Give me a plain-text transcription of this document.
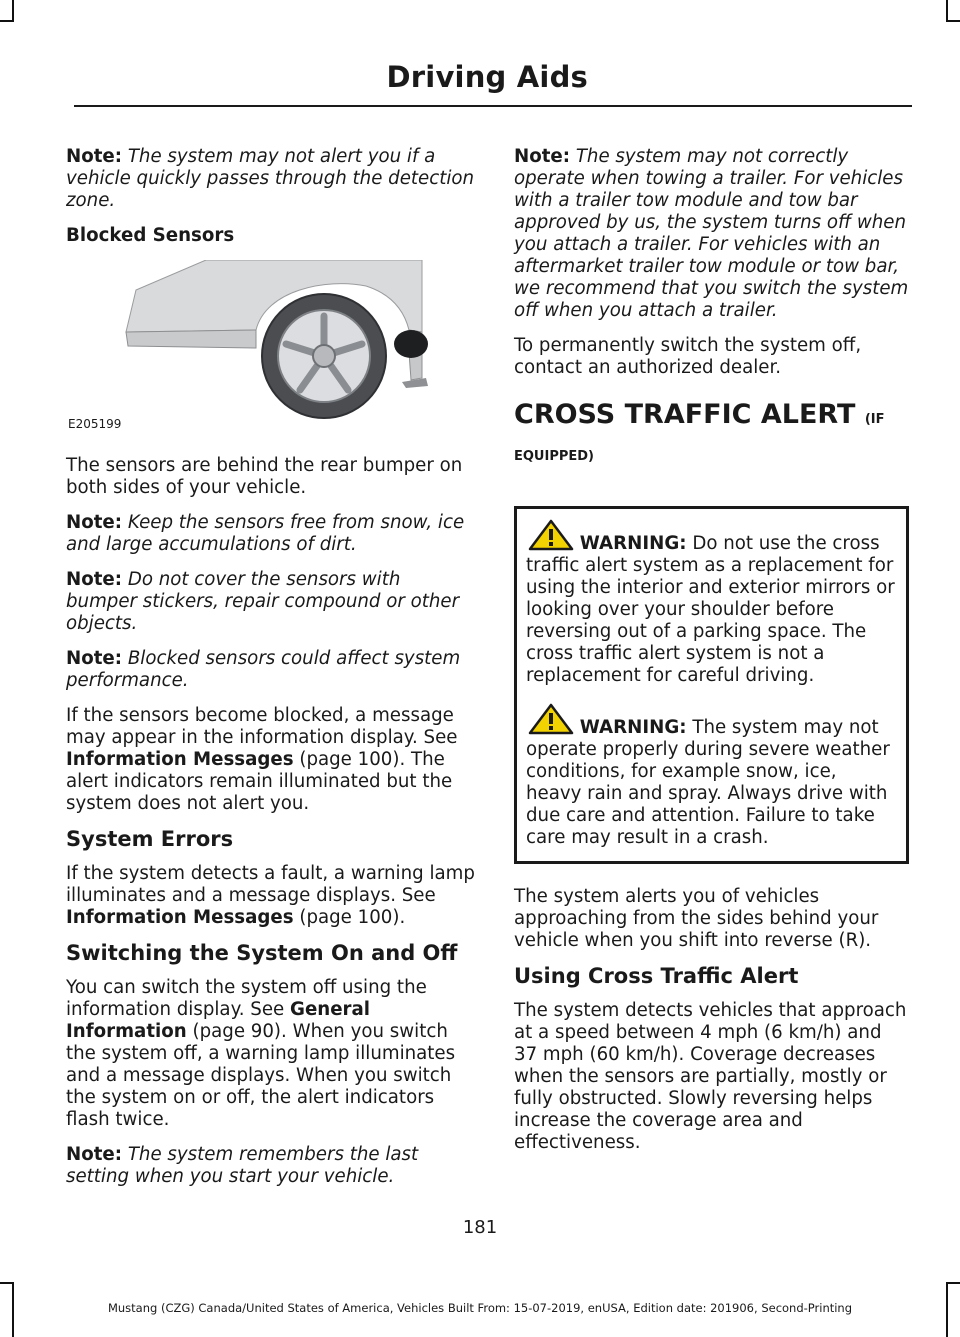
Driving Aids

Note: The system may not alert you if a vehicle quickly passes through the detection zone.

Blocked Sensors

E205199

The sensors are behind the rear bumper on both sides of your vehicle.

Note: Keep the sensors free from snow, ice and large accumulations of dirt.

Note: Do not cover the sensors with bumper stickers, repair compound or other objects.

Note: Blocked sensors could affect system performance.

If the sensors become blocked, a message may appear in the information display. See Information Messages (page 100). The alert indicators remain illuminated but the system does not alert you.

System Errors

If the system detects a fault, a warning lamp illuminates and a message displays. See Information Messages (page 100).

Switching the System On and Off

You can switch the system off using the information display. See General Information (page 90). When you switch the system off, a warning lamp illuminates and a message displays. When you switch the system on or off, the alert indicators flash twice.

Note: The system remembers the last setting when you start your vehicle.

Note: The system may not correctly operate when towing a trailer. For vehicles with a trailer tow module and tow bar approved by us, the system turns off when you attach a trailer. For vehicles with an aftermarket trailer tow module or tow bar, we recommend that you switch the system off when you attach a trailer.

To permanently switch the system off, contact an authorized dealer.

CROSS TRAFFIC ALERT (IF
EQUIPPED)
WARNING: Do not use the cross traffic alert system as a replacement for using the interior and exterior mirrors or looking over your shoulder before reversing out of a parking space. The cross traffic alert system is not a replacement for careful driving.
WARNING: The system may not operate properly during severe weather conditions, for example snow, ice, heavy rain and spray. Always drive with due care and attention. Failure to take care may result in a crash.

The system alerts you of vehicles approaching from the sides behind your vehicle when you shift into reverse (R).

Using Cross Traffic Alert

The system detects vehicles that approach at a speed between 4 mph (6 km/h) and 37 mph (60 km/h). Coverage decreases when the sensors are partially, mostly or fully obstructed. Slowly reversing helps increase the coverage area and effectiveness.

181
Mustang (CZG) Canada/United States of America, Vehicles Built From: 15-07-2019, enUSA, Edition date: 201906, Second-Printing
